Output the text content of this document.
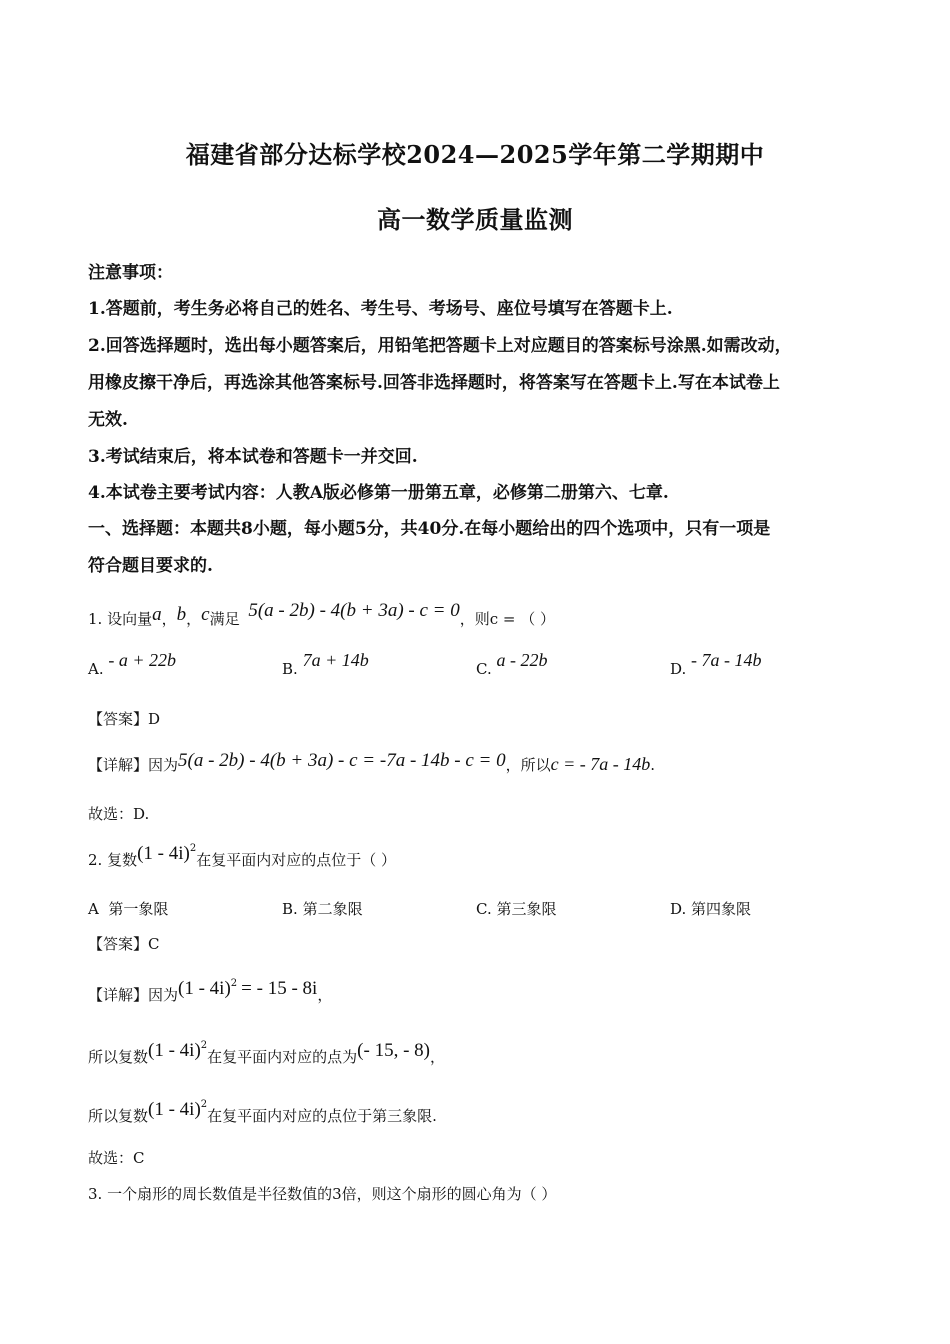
福建省部分达标学校2024—2025学年第二学期期中
高一数学质量监测
注意事项：
1.答题前，考生务必将自己的姓名、考生号、考场号、座位号填写在答题卡上.
2.回答选择题时，选出每小题答案后，用铅笔把答题卡上对应题目的答案标号涂黑.如需改动，
用橡皮擦干净后，再选涂其他答案标号.回答非选择题时，将答案写在答题卡上.写在本试卷上
无效.
3.考试结束后，将本试卷和答题卡一并交回.
4.本试卷主要考试内容：人教A版必修第一册第五章，必修第二册第六、七章.
一、选择题：本题共8小题，每小题5分，共40分.在每小题给出的四个选项中，只有一项是
符合题目要求的.
1. 设向量a，b，c满足 5(a - 2b) - 4(b + 3a) - c = 0，则c = （ ）
A. - a + 22b	B. 7a + 14b	C. a - 22b	D. - 7a - 14b
【答案】D
【详解】因为5(a - 2b) - 4(b + 3a) - c = -7a - 14b - c = 0，所以c = - 7a - 14b.
故选：D.
2. 复数(1 - 4i)$^2$在复平面内对应的点位于（ ）
A 第一象限	B. 第二象限	C. 第三象限	D. 第四象限
【答案】C
【详解】因为(1 - 4i)$^2$ = - 15 - 8i，
所以复数(1 - 4i)$^2$在复平面内对应的点为(- 15, - 8)，
所以复数(1 - 4i)$^2$在复平面内对应的点位于第三象限.
故选：C
3. 一个扇形的周长数值是半径数值的3倍，则这个扇形的圆心角为（ ）
